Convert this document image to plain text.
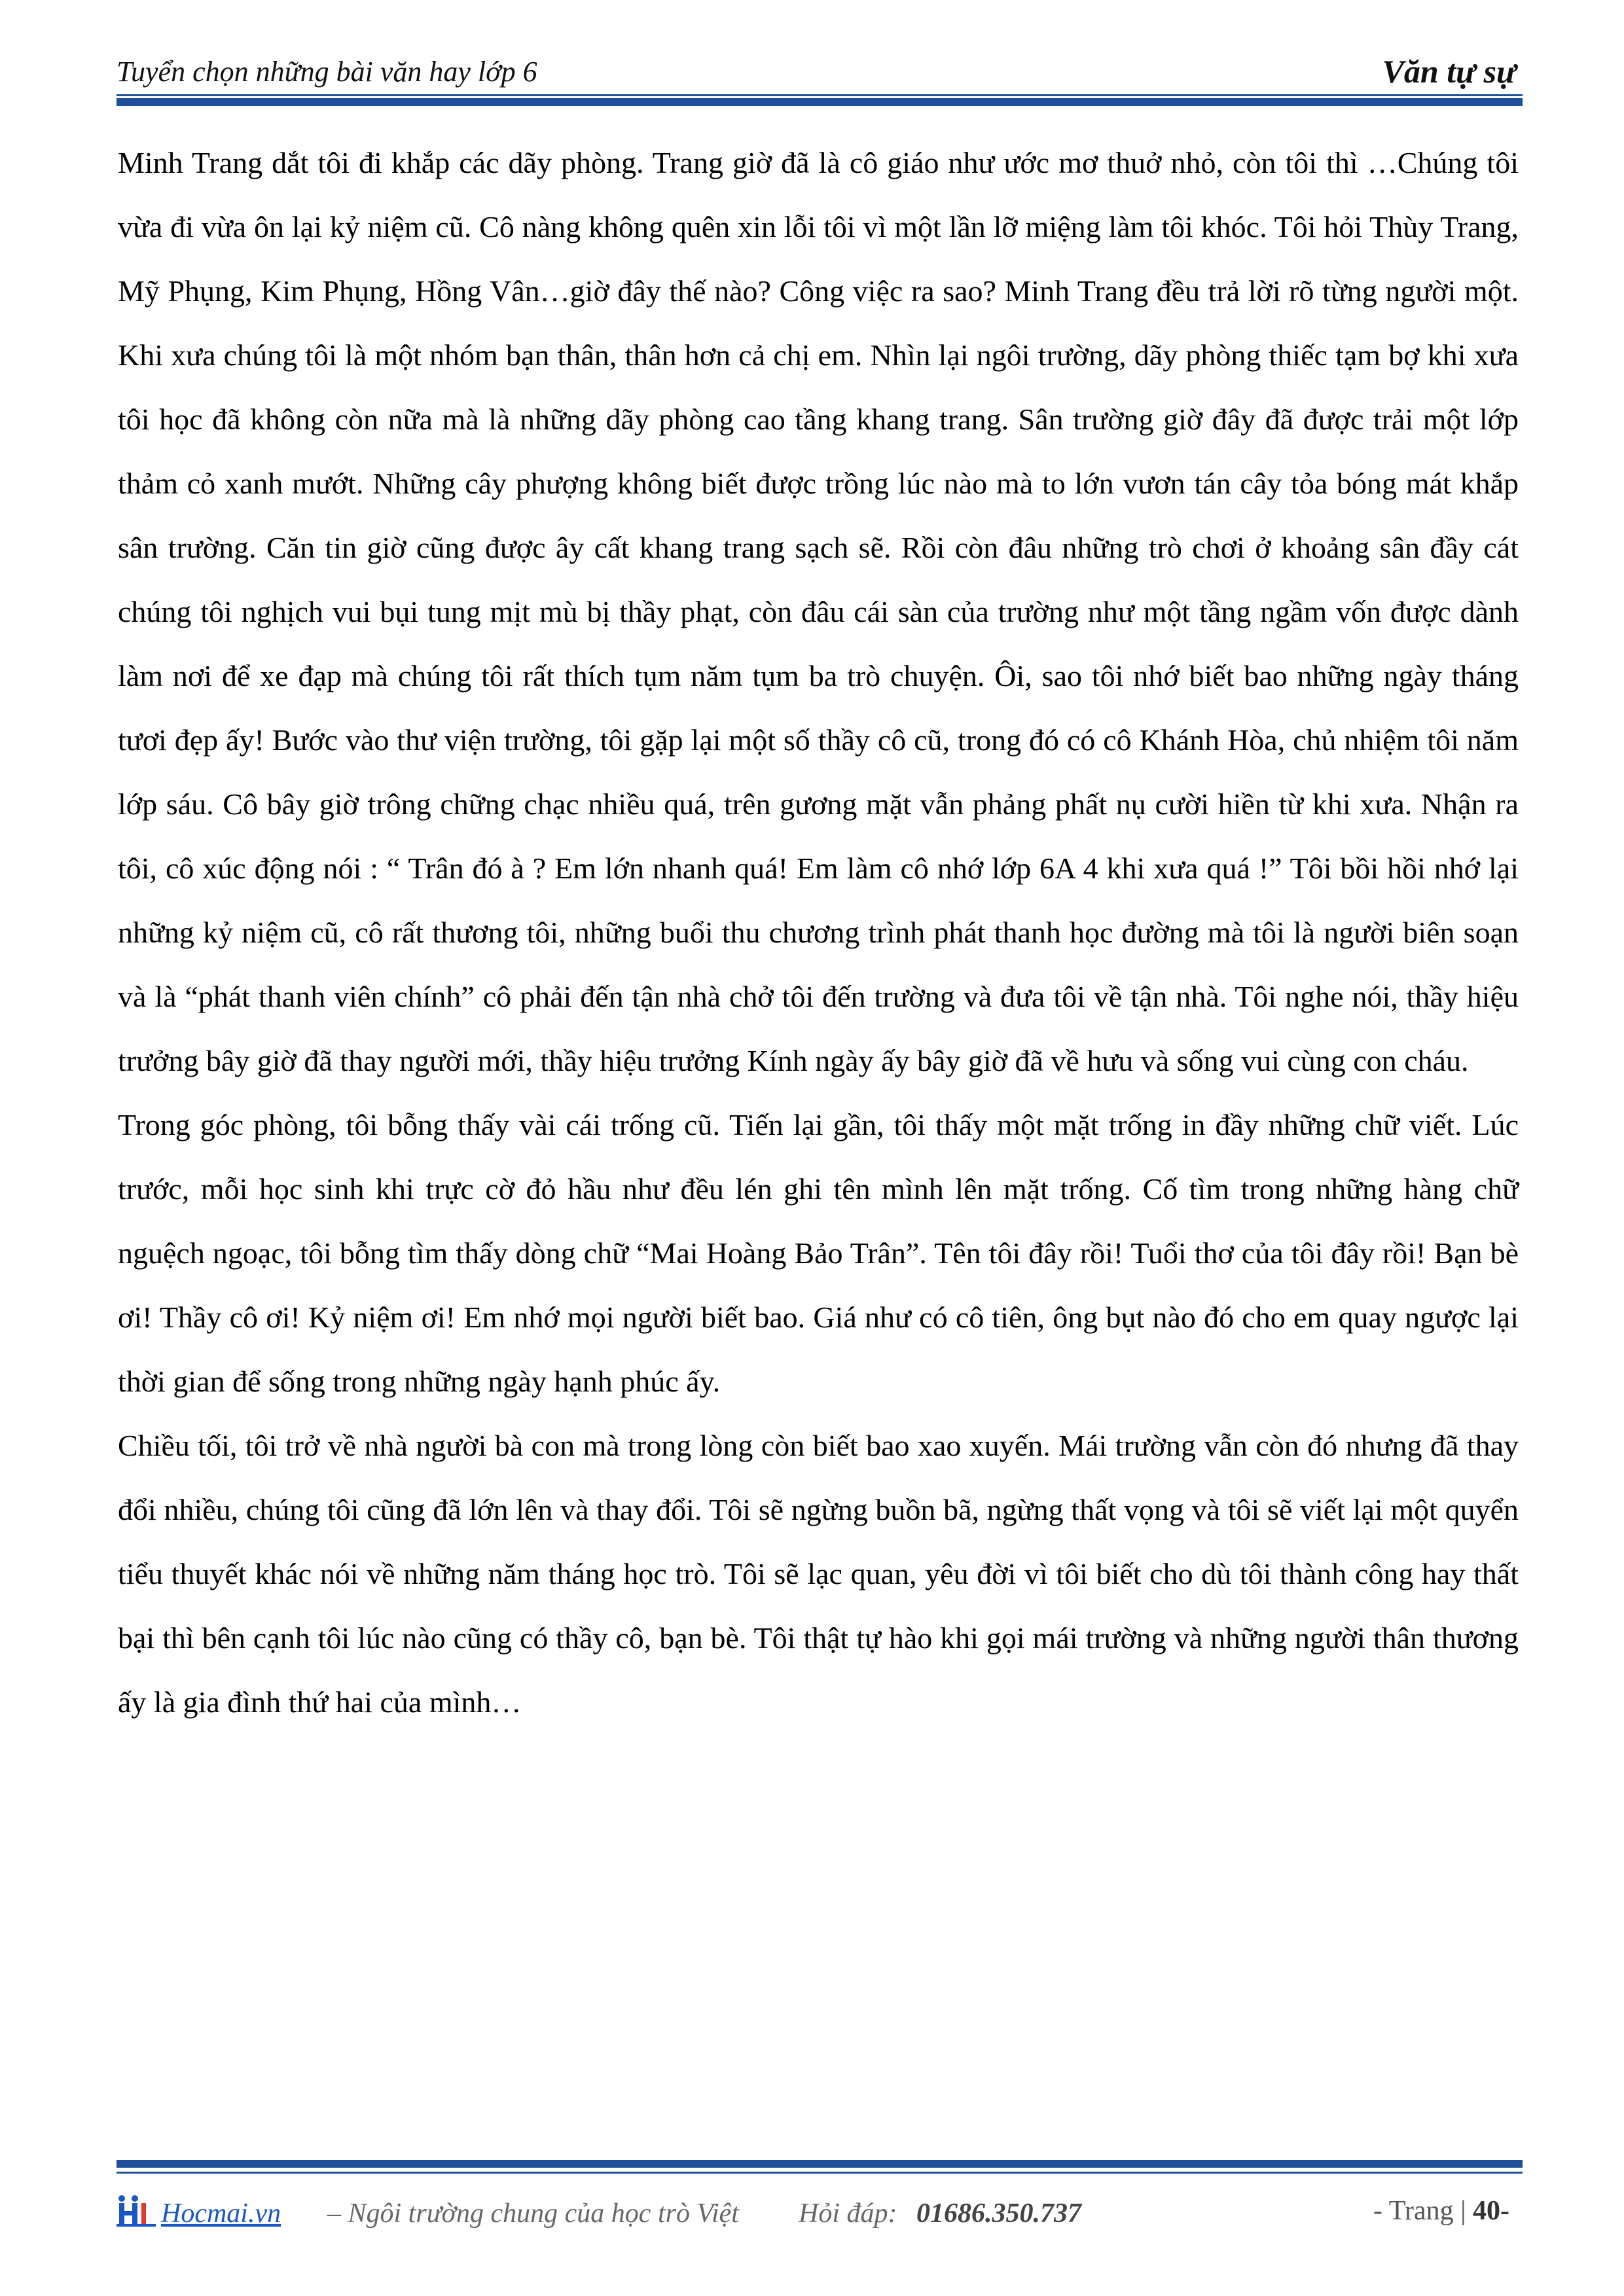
Tuyển chọn những bài văn hay lớp 6	Văn tự sự

Minh Trang dắt tôi đi khắp các dãy phòng. Trang giờ đã là cô giáo như ước mơ thuở nhỏ, còn tôi thì …Chúng tôi vừa đi vừa ôn lại kỷ niệm cũ. Cô nàng không quên xin lỗi tôi vì một lần lỡ miệng làm tôi khóc. Tôi hỏi Thùy Trang, Mỹ Phụng, Kim Phụng, Hồng Vân…giờ đây thế nào? Công việc ra sao? Minh Trang đều trả lời rõ từng người một. Khi xưa chúng tôi là một nhóm bạn thân, thân hơn cả chị em. Nhìn lại ngôi trường, dãy phòng thiếc tạm bợ khi xưa tôi học đã không còn nữa mà là những dãy phòng cao tầng khang trang. Sân trường giờ đây đã được trải một lớp thảm cỏ xanh mướt. Những cây phượng không biết được trồng lúc nào mà to lớn vươn tán cây tỏa bóng mát khắp sân trường. Căn tin giờ cũng được ây cất khang trang sạch sẽ. Rồi còn đâu những trò chơi ở khoảng sân đầy cát chúng tôi nghịch vui bụi tung mịt mù bị thầy phạt, còn đâu cái sàn của trường như một tầng ngầm vốn được dành làm nơi để xe đạp mà chúng tôi rất thích tụm năm tụm ba trò chuyện. Ôi, sao tôi nhớ biết bao những ngày tháng tươi đẹp ấy! Bước vào thư viện trường, tôi gặp lại một số thầy cô cũ, trong đó có cô Khánh Hòa, chủ nhiệm tôi năm lớp sáu. Cô bây giờ trông chững chạc nhiều quá, trên gương mặt vẫn phảng phất nụ cười hiền từ khi xưa. Nhận ra tôi, cô xúc động nói : “ Trân đó à ? Em lớn nhanh quá! Em làm cô nhớ lớp 6A 4 khi xưa quá !” Tôi bồi hồi nhớ lại những kỷ niệm cũ, cô rất thương tôi, những buổi thu chương trình phát thanh học đường mà tôi là người biên soạn và là “phát thanh viên chính” cô phải đến tận nhà chở tôi đến trường và đưa tôi về tận nhà. Tôi nghe nói, thầy hiệu trưởng bây giờ đã thay người mới, thầy hiệu trưởng Kính ngày ấy bây giờ đã về hưu và sống vui cùng con cháu.

Trong góc phòng, tôi bỗng thấy vài cái trống cũ. Tiến lại gần, tôi thấy một mặt trống in đầy những chữ viết. Lúc trước, mỗi học sinh khi trực cờ đỏ hầu như đều lén ghi tên mình lên mặt trống. Cố tìm trong những hàng chữ nguệch ngoạc, tôi bỗng tìm thấy dòng chữ “Mai Hoàng Bảo Trân”. Tên tôi đây rồi! Tuổi thơ của tôi đây rồi! Bạn bè ơi! Thầy cô ơi! Kỷ niệm ơi! Em nhớ mọi người biết bao. Giá như có cô tiên, ông bụt nào đó cho em quay ngược lại thời gian để sống trong những ngày hạnh phúc ấy.

Chiều tối, tôi trở về nhà người bà con mà trong lòng còn biết bao xao xuyến. Mái trường vẫn còn đó nhưng đã thay đổi nhiều, chúng tôi cũng đã lớn lên và thay đổi. Tôi sẽ ngừng buồn bã, ngừng thất vọng và tôi sẽ viết lại một quyển tiểu thuyết khác nói về những năm tháng học trò. Tôi sẽ lạc quan, yêu đời vì tôi biết cho dù tôi thành công hay thất bại thì bên cạnh tôi lúc nào cũng có thầy cô, bạn bè. Tôi thật tự hào khi gọi mái trường và những người thân thương ấy là gia đình thứ hai của mình…

Hocmai.vn – Ngôi trường chung của học trò Việt Hỏi đáp: 01686.350.737	- Trang | 40-
